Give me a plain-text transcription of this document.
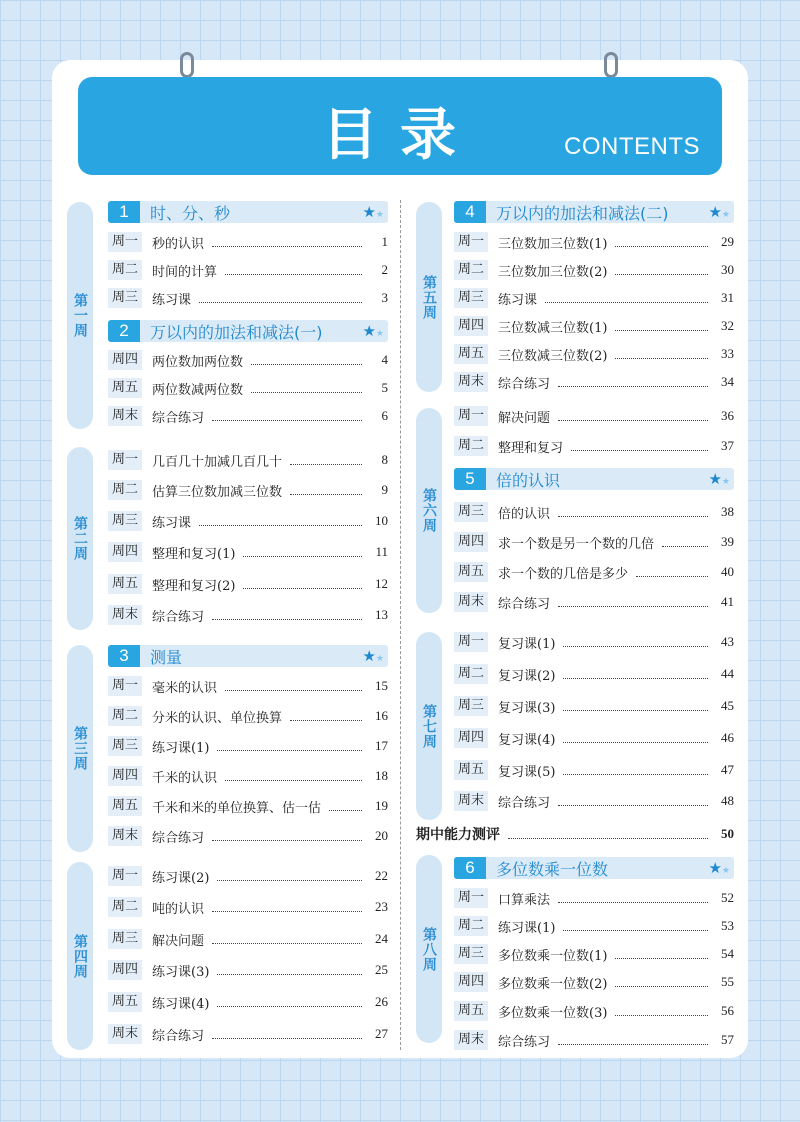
目录	CONTENTS
第一周
第二周
第三周
第四周
第五周
第六周
第七周
第八周
1	时、分、秒	★★
2	万以内的加法和减法(一)	★★
3	测量	★★
4	万以内的加法和减法(二)	★★
5	倍的认识	★★
6	多位数乘一位数	★★
周一	秒的认识	1
周二	时间的计算	2
周三	练习课	3
周四	两位数加两位数	4
周五	两位数减两位数	5
周末	综合练习	6
周一	几百几十加减几百几十	8
周二	估算三位数加减三位数	9
周三	练习课	10
周四	整理和复习(1)	11
周五	整理和复习(2)	12
周末	综合练习	13
周一	毫米的认识	15
周二	分米的认识、单位换算	16
周三	练习课(1)	17
周四	千米的认识	18
周五	千米和米的单位换算、估一估	19
周末	综合练习	20
周一	练习课(2)	22
周二	吨的认识	23
周三	解决问题	24
周四	练习课(3)	25
周五	练习课(4)	26
周末	综合练习	27
周一	三位数加三位数(1)	29
周二	三位数加三位数(2)	30
周三	练习课	31
周四	三位数减三位数(1)	32
周五	三位数减三位数(2)	33
周末	综合练习	34
周一	解决问题	36
周二	整理和复习	37
周三	倍的认识	38
周四	求一个数是另一个数的几倍	39
周五	求一个数的几倍是多少	40
周末	综合练习	41
周一	复习课(1)	43
周二	复习课(2)	44
周三	复习课(3)	45
周四	复习课(4)	46
周五	复习课(5)	47
周末	综合练习	48
周一	口算乘法	52
周二	练习课(1)	53
周三	多位数乘一位数(1)	54
周四	多位数乘一位数(2)	55
周五	多位数乘一位数(3)	56
周末	综合练习	57
期中能力测评	50
